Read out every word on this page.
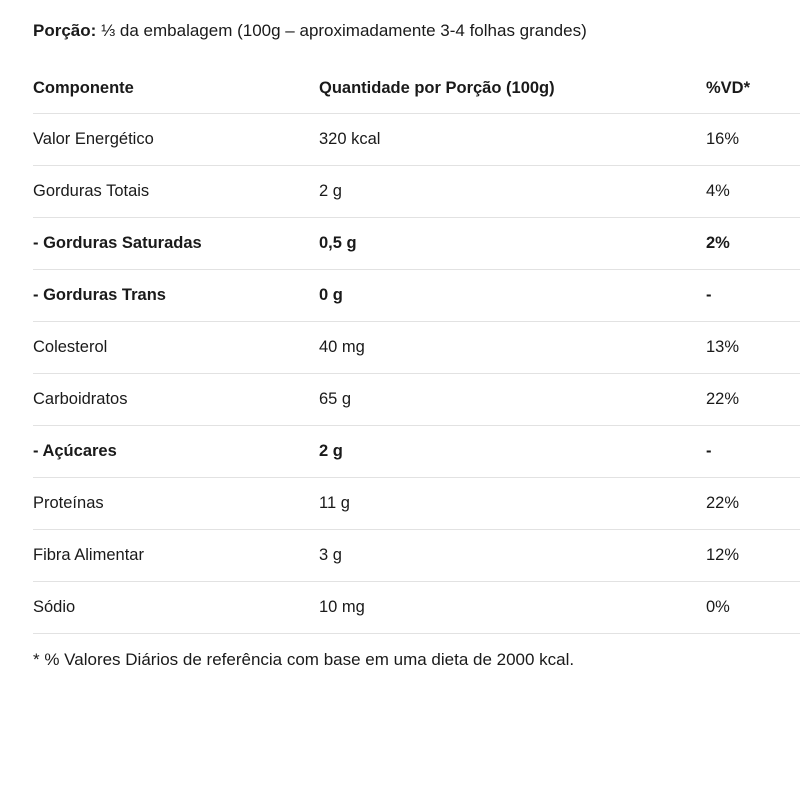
Porção: ⅓ da embalagem (100g – aproximadamente 3-4 folhas grandes)
Componente	Quantidade por Porção (100g)	%VD*
Valor Energético	320 kcal	16%
Gorduras Totais	2 g	4%
- Gorduras Saturadas	0,5 g	2%
- Gorduras Trans	0 g	-
Colesterol	40 mg	13%
Carboidratos	65 g	22%
- Açúcares	2 g	-
Proteínas	11 g	22%
Fibra Alimentar	3 g	12%
Sódio	10 mg	0%
* % Valores Diários de referência com base em uma dieta de 2000 kcal.
